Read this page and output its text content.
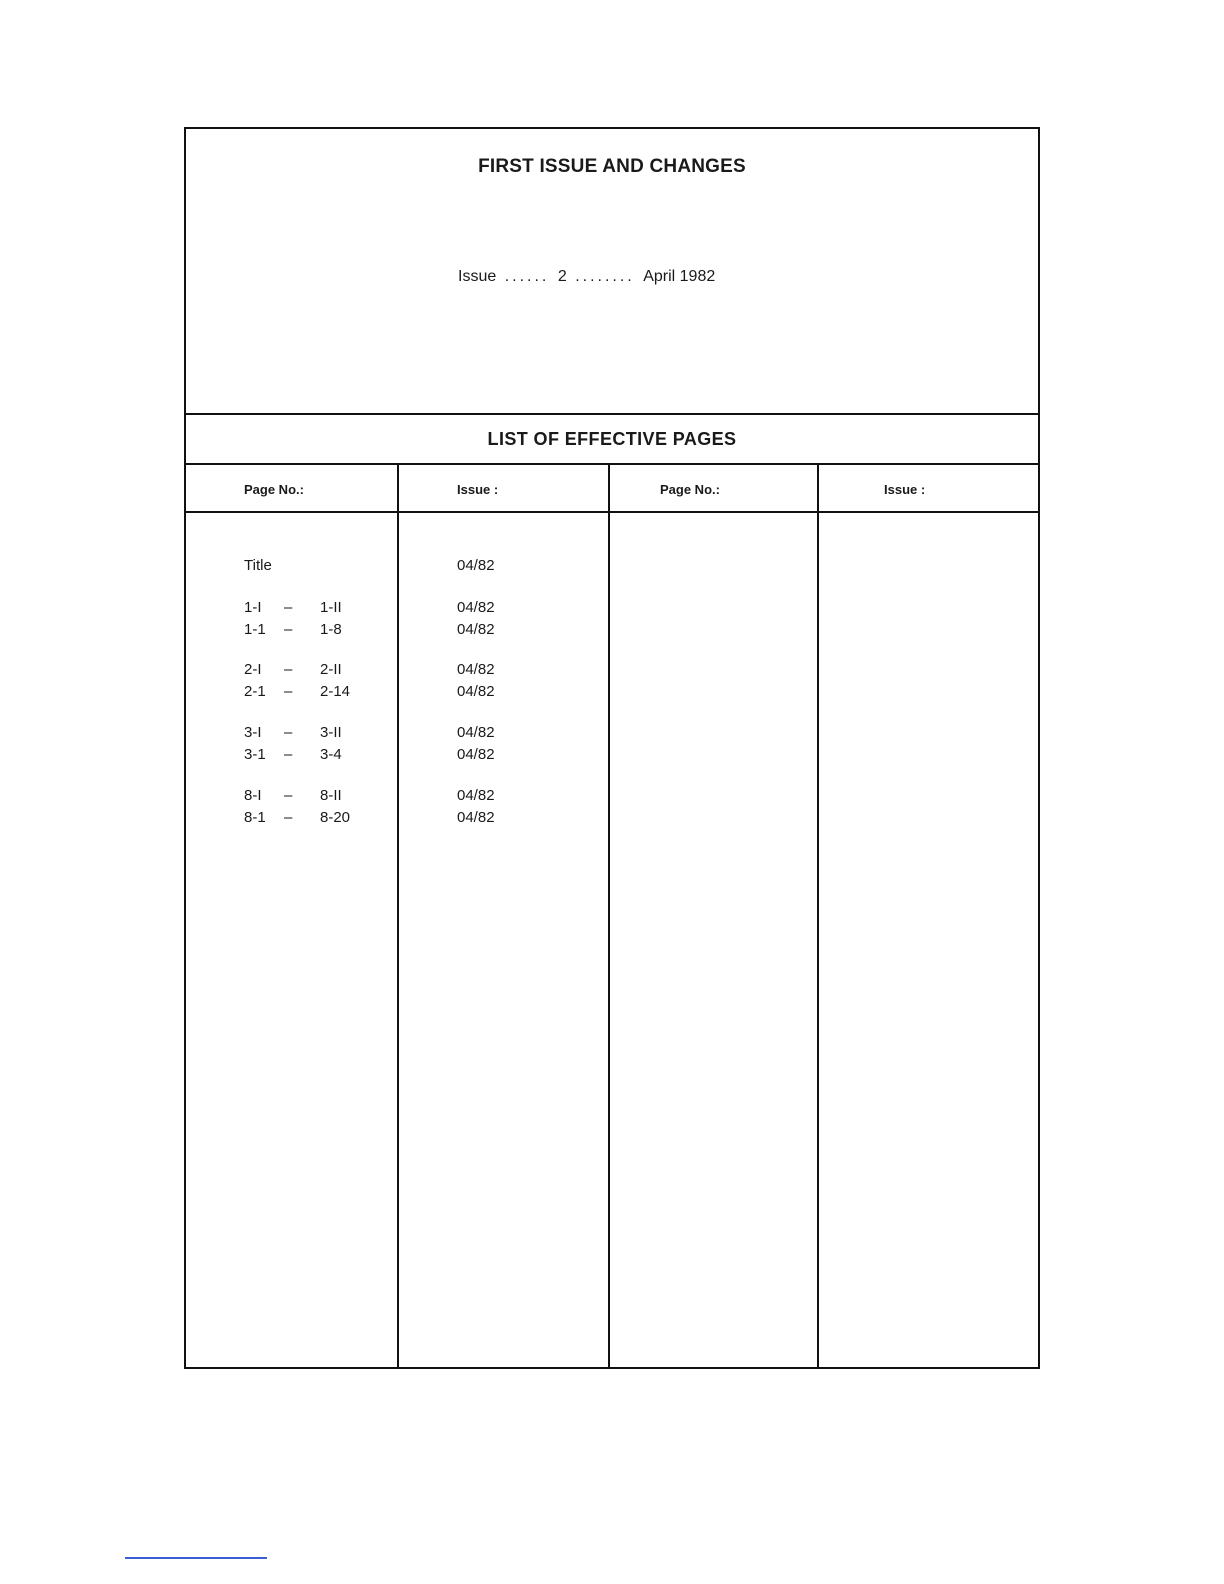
FIRST ISSUE AND CHANGES
Issue ...... 2 ........ April 1982
LIST OF EFFECTIVE PAGES
Page No.:	Issue :	Page No.:	Issue :
Title	04/82
1-I – 1-II	04/82
1-1 – 1-8	04/82
2-I – 2-II	04/82
2-1 – 2-14	04/82
3-I – 3-II	04/82
3-1 – 3-4	04/82
8-I – 8-II	04/82
8-1 – 8-20	04/82
